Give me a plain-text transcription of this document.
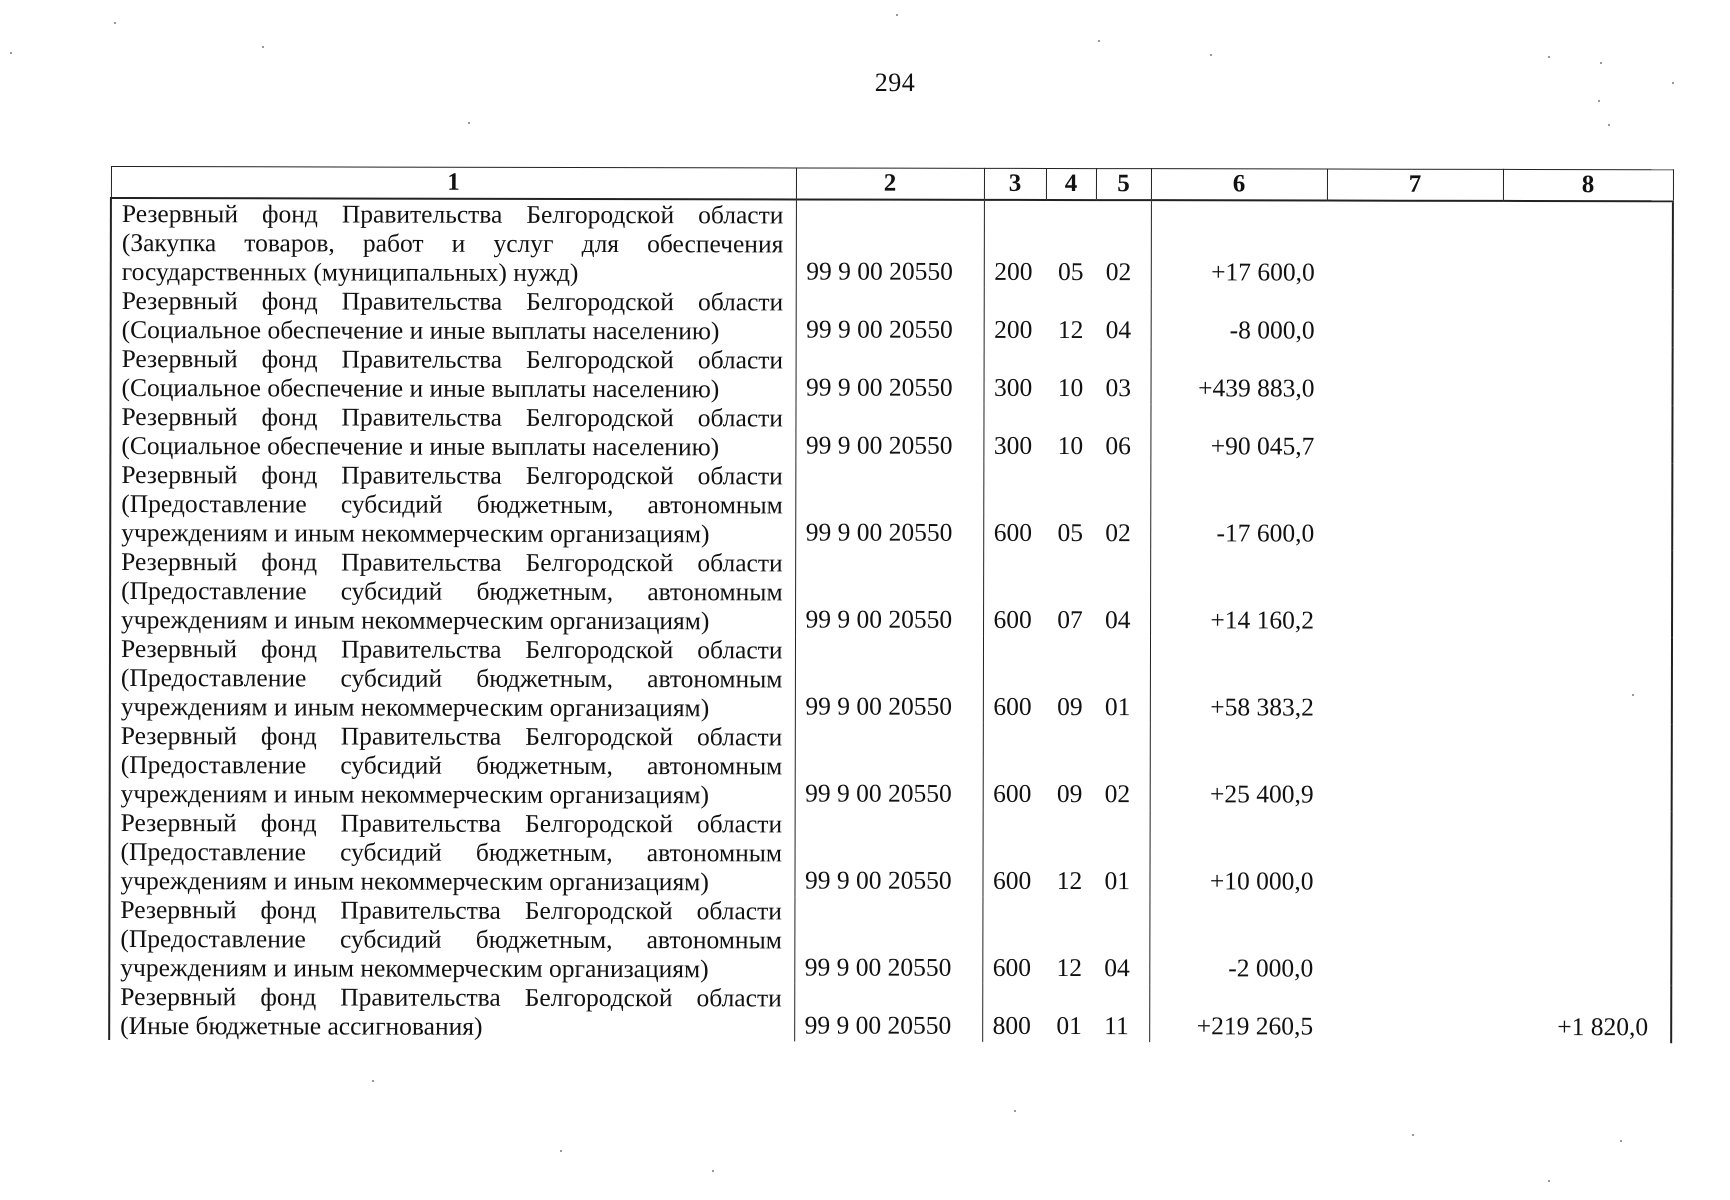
294
1	2	3	4	5	6	7	8
Резервный фонд Правительства Белгородской области (Закупка товаров, работ и услуг для обеспечения государственных (муниципальных) нужд)	99 9 00 20550	200	05	02	+17 600,0		
Резервный фонд Правительства Белгородской области (Социальное обеспечение и иные выплаты населению)	99 9 00 20550	200	12	04	-8 000,0		
Резервный фонд Правительства Белгородской области (Социальное обеспечение и иные выплаты населению)	99 9 00 20550	300	10	03	+439 883,0		
Резервный фонд Правительства Белгородской области (Социальное обеспечение и иные выплаты населению)	99 9 00 20550	300	10	06	+90 045,7		
Резервный фонд Правительства Белгородской области (Предоставление субсидий бюджетным, автономным учреждениям и иным некоммерческим организациям)	99 9 00 20550	600	05	02	-17 600,0		
Резервный фонд Правительства Белгородской области (Предоставление субсидий бюджетным, автономным учреждениям и иным некоммерческим организациям)	99 9 00 20550	600	07	04	+14 160,2		
Резервный фонд Правительства Белгородской области (Предоставление субсидий бюджетным, автономным учреждениям и иным некоммерческим организациям)	99 9 00 20550	600	09	01	+58 383,2		
Резервный фонд Правительства Белгородской области (Предоставление субсидий бюджетным, автономным учреждениям и иным некоммерческим организациям)	99 9 00 20550	600	09	02	+25 400,9		
Резервный фонд Правительства Белгородской области (Предоставление субсидий бюджетным, автономным учреждениям и иным некоммерческим организациям)	99 9 00 20550	600	12	01	+10 000,0		
Резервный фонд Правительства Белгородской области (Предоставление субсидий бюджетным, автономным учреждениям и иным некоммерческим организациям)	99 9 00 20550	600	12	04	-2 000,0		
Резервный фонд Правительства Белгородской области (Иные бюджетные ассигнования)	99 9 00 20550	800	01	11	+219 260,5		+1 820,0
